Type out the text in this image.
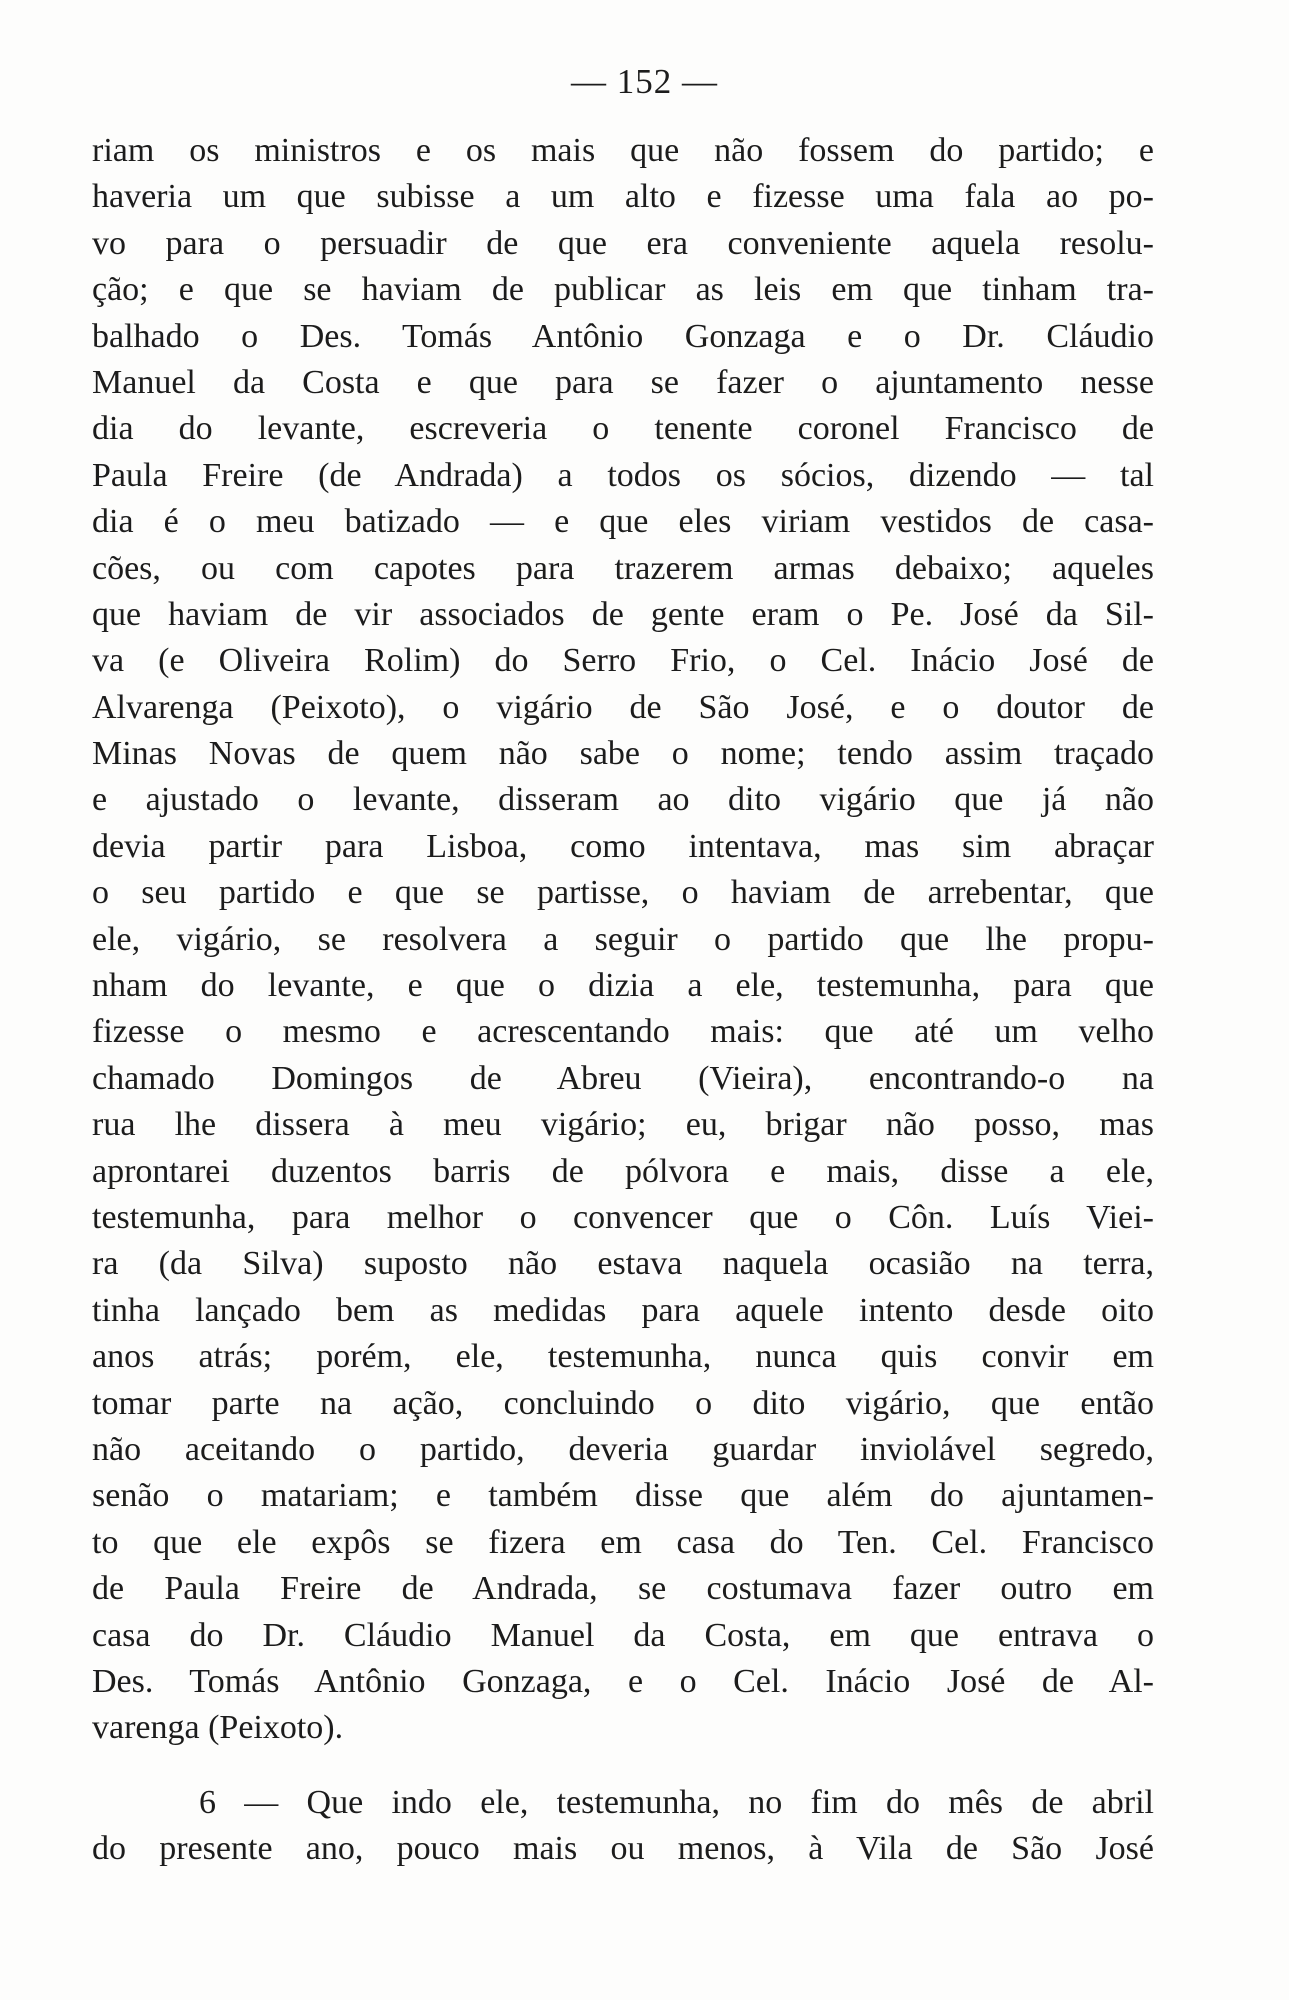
— 152 —
riam os ministros e os mais que não fossem do partido; e
haveria um que subisse a um alto e fizesse uma fala ao po-
vo para o persuadir de que era conveniente aquela resolu-
ção; e que se haviam de publicar as leis em que tinham tra-
balhado o Des. Tomás Antônio Gonzaga e o Dr. Cláudio
Manuel da Costa e que para se fazer o ajuntamento nesse
dia do levante, escreveria o tenente coronel Francisco de
Paula Freire (de Andrada) a todos os sócios, dizendo — tal
dia é o meu batizado — e que eles viriam vestidos de casa-
cões, ou com capotes para trazerem armas debaixo; aqueles
que haviam de vir associados de gente eram o Pe. José da Sil-
va (e Oliveira Rolim) do Serro Frio, o Cel. Inácio José de
Alvarenga (Peixoto), o vigário de São José, e o doutor de
Minas Novas de quem não sabe o nome; tendo assim traçado
e ajustado o levante, disseram ao dito vigário que já não
devia partir para Lisboa, como intentava, mas sim abraçar
o seu partido e que se partisse, o haviam de arrebentar, que
ele, vigário, se resolvera a seguir o partido que lhe propu-
nham do levante, e que o dizia a ele, testemunha, para que
fizesse o mesmo e acrescentando mais: que até um velho
chamado Domingos de Abreu (Vieira), encontrando-o na
rua lhe dissera à meu vigário; eu, brigar não posso, mas
aprontarei duzentos barris de pólvora e mais, disse a ele,
testemunha, para melhor o convencer que o Côn. Luís Viei-
ra (da Silva) suposto não estava naquela ocasião na terra,
tinha lançado bem as medidas para aquele intento desde oito
anos atrás; porém, ele, testemunha, nunca quis convir em
tomar parte na ação, concluindo o dito vigário, que então
não aceitando o partido, deveria guardar inviolável segredo,
senão o matariam; e também disse que além do ajuntamen-
to que ele expôs se fizera em casa do Ten. Cel. Francisco
de Paula Freire de Andrada, se costumava fazer outro em
casa do Dr. Cláudio Manuel da Costa, em que entrava o
Des. Tomás Antônio Gonzaga, e o Cel. Inácio José de Al-
varenga (Peixoto).
6 — Que indo ele, testemunha, no fim do mês de abril
do presente ano, pouco mais ou menos, à Vila de São José
